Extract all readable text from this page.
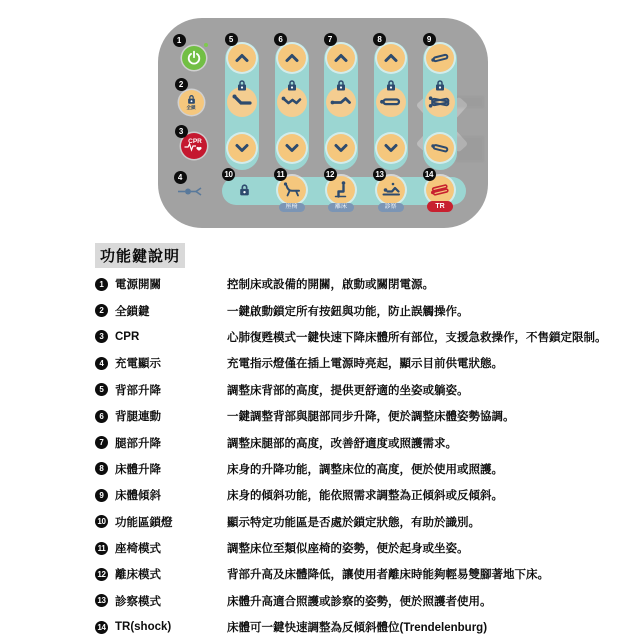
1
2
全鎖
3
CPR
4
5	6	7	8	9
10	11
座椅
12
離床
13
診察
14
TR
功能鍵說明
1 電源開關	控制床或設備的開關，啟動或關閉電源。
2 全鎖鍵	一鍵啟動鎖定所有按鈕與功能，防止誤觸操作。
3 CPR	心肺復甦模式一鍵快速下降床體所有部位，支援急救操作，不售鎖定限制。
4 充電顯示	充電指示燈僅在插上電源時亮起，顯示目前供電狀態。
5 背部升降	調整床背部的高度，提供更舒適的坐姿或躺姿。
6 背腿連動	一鍵調整背部與腿部同步升降，便於調整床體姿勢協調。
7 腿部升降	調整床腿部的高度，改善舒適度或照護需求。
8 床體升降	床身的升降功能，調整床位的高度，便於使用或照護。
9 床體傾斜	床身的傾斜功能，能依照需求調整為正傾斜或反傾斜。
10 功能區鎖燈	顯示特定功能區是否處於鎖定狀態，有助於識別。
11 座椅模式	調整床位至類似座椅的姿勢，便於起身或坐姿。
12 離床模式	背部升高及床體降低，讓使用者離床時能夠輕易雙腳著地下床。
13 診察模式	床體升高適合照護或診察的姿勢，便於照護者使用。
14 TR(shock)	床體可一鍵快速調整為反傾斜體位(Trendelenburg)
